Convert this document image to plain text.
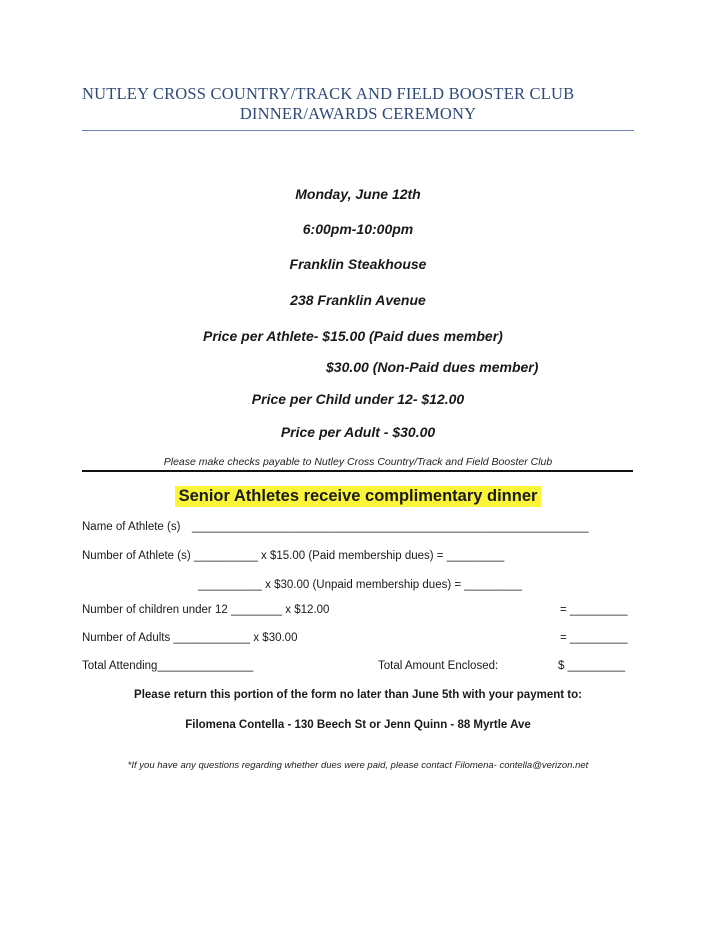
NUTLEY CROSS COUNTRY/TRACK AND FIELD BOOSTER CLUB
DINNER/AWARDS CEREMONY
Monday, June 12th
6:00pm-10:00pm
Franklin Steakhouse
238 Franklin Avenue
Price per Athlete- $15.00 (Paid dues member)
$30.00 (Non-Paid dues member)
Price per Child under 12- $12.00
Price per Adult - $30.00
Please make checks payable to Nutley Cross Country/Track and Field Booster Club
Senior Athletes receive complimentary dinner
Name of Athlete (s) ______________________________________________________________
Number of Athlete (s) __________ x $15.00 (Paid membership dues) = _________
__________ x $30.00 (Unpaid membership dues) = _________
Number of children under 12 ________ x $12.00	= _________
Number of Adults ____________ x $30.00	= _________
Total Attending_______________	Total Amount Enclosed:	$ _________
Please return this portion of the form no later than June 5th with your payment to:
Filomena Contella - 130 Beech St or Jenn Quinn - 88 Myrtle Ave
*If you have any questions regarding whether dues were paid, please contact Filomena- contella@verizon.net
